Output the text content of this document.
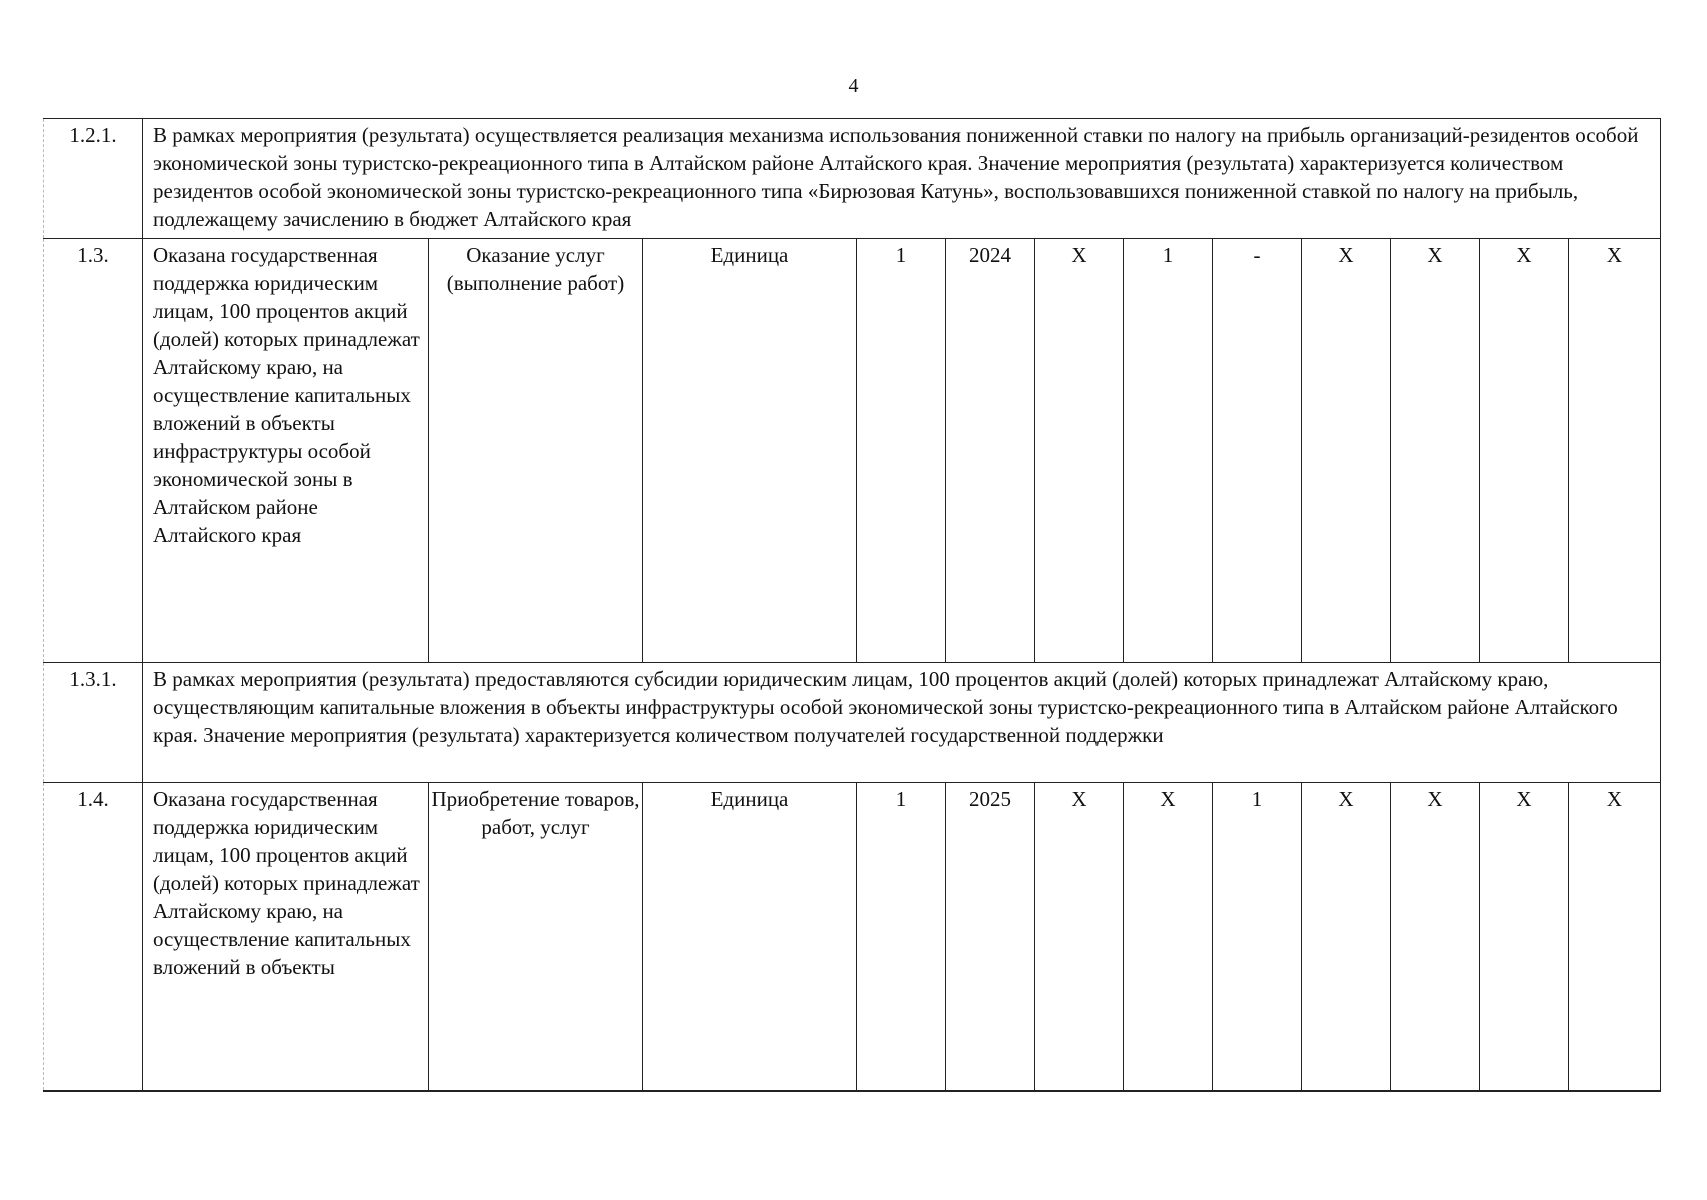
4
1.2.1.	В рамках мероприятия (результата) осуществляется реализация механизма использования пониженной ставки по налогу на прибыль организаций-резидентов особой экономической зоны туристско-рекреационного типа в Алтайском районе Алтайского края. Значение мероприятия (результата) характеризуется количеством резидентов особой экономической зоны туристско-рекреационного типа «Бирюзовая Катунь», воспользовавшихся пониженной ставкой по налогу на прибыль, подлежащему зачислению в бюджет Алтайского края											
1.3.	Оказана государственная поддержка юридическим лицам, 100 процентов акций (долей) которых принадлежат Алтайскому краю, на осуществление капитальных вложений в объекты инфраструктуры особой экономической зоны в Алтайском районе Алтайского края	Оказание услуг (выполнение работ)	Единица	1	2024	X	1	-	X	X	X	X
1.3.1.	В рамках мероприятия (результата) предоставляются субсидии юридическим лицам, 100 процентов акций (долей) которых принадлежат Алтайскому краю, осуществляющим капитальные вложения в объекты инфраструктуры особой экономической зоны туристско-рекреационного типа в Алтайском районе Алтайского края. Значение мероприятия (результата) характеризуется количеством получателей государственной поддержки											
1.4.	Оказана государственная поддержка юридическим лицам, 100 процентов акций (долей) которых принадлежат Алтайскому краю, на осуществление капитальных вложений в объекты	Приобретение товаров, работ, услуг	Единица	1	2025	X	X	1	X	X	X	X
